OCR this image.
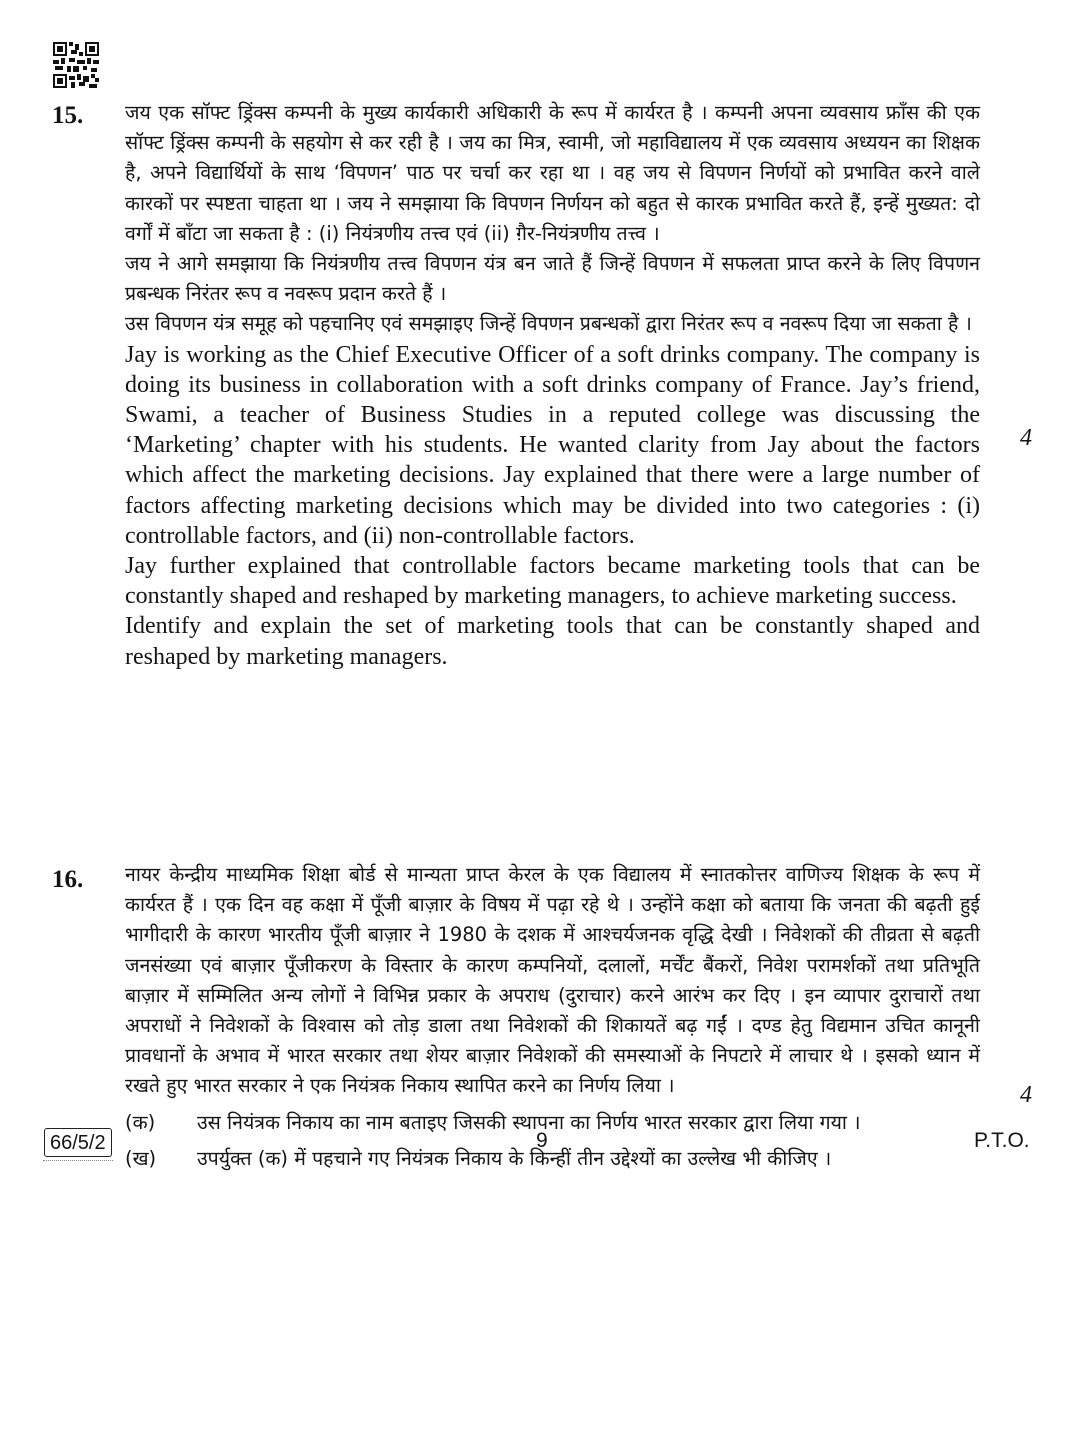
15. जय एक सॉफ्ट ड्रिंक्स कम्पनी के मुख्य कार्यकारी अधिकारी के रूप में कार्यरत है । कम्पनी अपना व्यवसाय फ्राँस की एक सॉफ्ट ड्रिंक्स कम्पनी के सहयोग से कर रही है । जय का मित्र, स्वामी, जो महाविद्यालय में एक व्यवसाय अध्ययन का शिक्षक है, अपने विद्यार्थियों के साथ ‘विपणन’ पाठ पर चर्चा कर रहा था । वह जय से विपणन निर्णयों को प्रभावित करने वाले कारकों पर स्पष्टता चाहता था । जय ने समझाया कि विपणन निर्णयन को बहुत से कारक प्रभावित करते हैं, इन्हें मुख्यत: दो वर्गों में बाँटा जा सकता है : (i) नियंत्रणीय तत्त्व एवं (ii) ग़ैर-नियंत्रणीय तत्त्व ।

जय ने आगे समझाया कि नियंत्रणीय तत्त्व विपणन यंत्र बन जाते हैं जिन्हें विपणन में सफलता प्राप्त करने के लिए विपणन प्रबन्धक निरंतर रूप व नवरूप प्रदान करते हैं ।

उस विपणन यंत्र समूह को पहचानिए एवं समझाइए जिन्हें विपणन प्रबन्धकों द्वारा निरंतर रूप व नवरूप दिया जा सकता है ।

Jay is working as the Chief Executive Officer of a soft drinks company. The company is doing its business in collaboration with a soft drinks company of France. Jay’s friend, Swami, a teacher of Business Studies in a reputed college was discussing the ‘Marketing’ chapter with his students. He wanted clarity from Jay about the factors which affect the marketing decisions. Jay explained that there were a large number of factors affecting marketing decisions which may be divided into two categories : (i) controllable factors, and (ii) non-controllable factors.

Jay further explained that controllable factors became marketing tools that can be constantly shaped and reshaped by marketing managers, to achieve marketing success.

Identify and explain the set of marketing tools that can be constantly shaped and reshaped by marketing managers.

4
16. नायर केन्द्रीय माध्यमिक शिक्षा बोर्ड से मान्यता प्राप्त केरल के एक विद्यालय में स्नातकोत्तर वाणिज्य शिक्षक के रूप में कार्यरत हैं । एक दिन वह कक्षा में पूँजी बाज़ार के विषय में पढ़ा रहे थे । उन्होंने कक्षा को बताया कि जनता की बढ़ती हुई भागीदारी के कारण भारतीय पूँजी बाज़ार ने 1980 के दशक में आश्चर्यजनक वृद्धि देखी । निवेशकों की तीव्रता से बढ़ती जनसंख्या एवं बाज़ार पूँजीकरण के विस्तार के कारण कम्पनियों, दलालों, मर्चेंट बैंकरों, निवेश परामर्शकों तथा प्रतिभूति बाज़ार में सम्मिलित अन्य लोगों ने विभिन्न प्रकार के अपराध (दुराचार) करने आरंभ कर दिए । इन व्यापार दुराचारों तथा अपराधों ने निवेशकों के विश्वास को तोड़ डाला तथा निवेशकों की शिकायतें बढ़ गईं । दण्ड हेतु विद्यमान उचित कानूनी प्रावधानों के अभाव में भारत सरकार तथा शेयर बाज़ार निवेशकों की समस्याओं के निपटारे में लाचार थे । इसको ध्यान में रखते हुए भारत सरकार ने एक नियंत्रक निकाय स्थापित करने का निर्णय लिया ।

(क) उस नियंत्रक निकाय का नाम बताइए जिसकी स्थापना का निर्णय भारत सरकार द्वारा लिया गया ।

(ख) उपर्युक्त (क) में पहचाने गए नियंत्रक निकाय के किन्हीं तीन उद्देश्यों का उल्लेख भी कीजिए ।

4
66/5/2	9	P.T.O.
